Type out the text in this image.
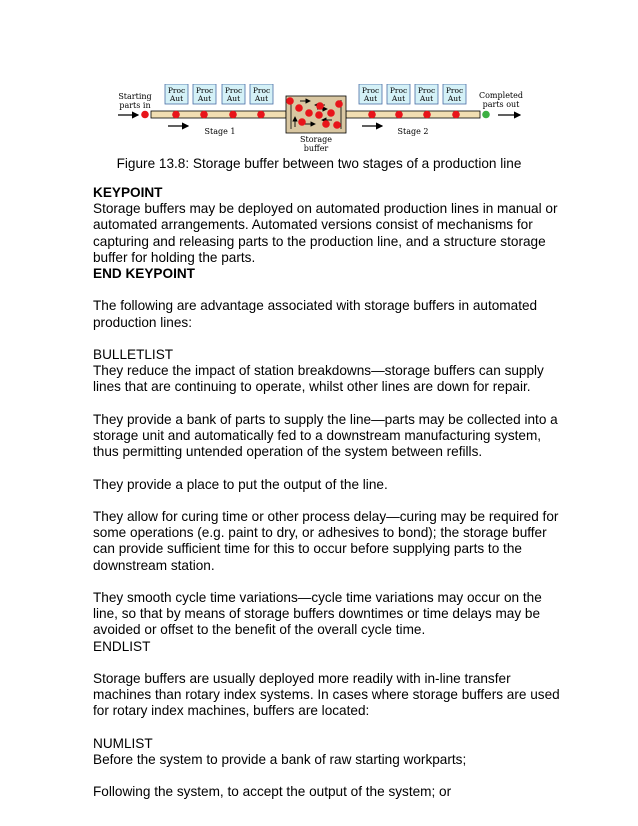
Starting
parts in
Proc
Aut
Proc
Aut
Proc
Aut
Proc
Aut
Proc
Aut
Proc
Aut
Proc
Aut
Proc
Aut Completed
parts out
Stage 1	Stage 2
Storage
buffer
Figure 13.8: Storage buffer between two stages of a production line

KEYPOINT

Storage buffers may be deployed on automated production lines in manual or automated arrangements. Automated versions consist of mechanisms for capturing and releasing parts to the production line, and a structure storage buffer for holding the parts.

END KEYPOINT

The following are advantage associated with storage buffers in automated production lines:

BULLETLIST

They reduce the impact of station breakdowns—storage buffers can supply lines that are continuing to operate, whilst other lines are down for repair.

They provide a bank of parts to supply the line—parts may be collected into a storage unit and automatically fed to a downstream manufacturing system, thus permitting untended operation of the system between refills.

They provide a place to put the output of the line.

They allow for curing time or other process delay—curing may be required for some operations (e.g. paint to dry, or adhesives to bond); the storage buffer can provide sufficient time for this to occur before supplying parts to the downstream station.

They smooth cycle time variations—cycle time variations may occur on the line, so that by means of storage buffers downtimes or time delays may be avoided or offset to the benefit of the overall cycle time.

ENDLIST

Storage buffers are usually deployed more readily with in-line transfer machines than rotary index systems. In cases where storage buffers are used for rotary index machines, buffers are located:

NUMLIST

Before the system to provide a bank of raw starting workparts;

Following the system, to accept the output of the system; or
